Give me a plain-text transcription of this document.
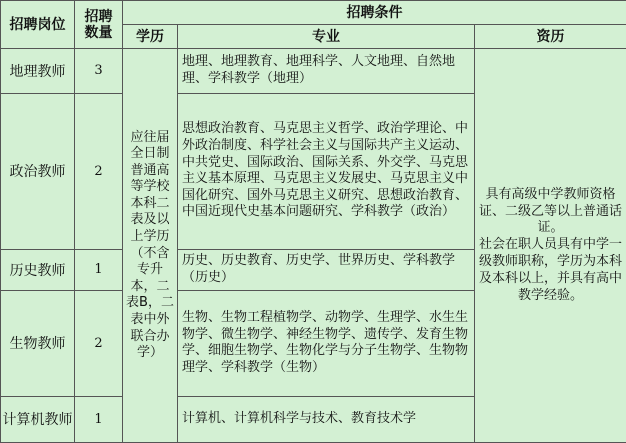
招聘岗位	招聘数量	招聘条件		
		学历	专业	资历
地理教师	3	应往届全日制普通高等学校本科二表及以上学历（不含专升本，二表B，二表中外联合办学）	地理、地理教育、地理科学、人文地理、自然地理、学科教学（地理）	具有高级中学教师资格证、二级乙等以上普通话证。
社会在职人员具有中学一级教师职称，学历为本科及本科以上，并具有高中教学经验。

政治教师	2		思想政治教育、马克思主义哲学、政治学理论、中外政治制度、科学社会主义与国际共产主义运动、中共党史、国际政治、国际关系、外交学、马克思主义基本原理、马克思主义发展史、马克思主义中国化研究、国外马克思主义研究、思想政治教育、中国近现代史基本问题研究、学科教学（政治）	
历史教师	1		历史、历史教育、历史学、世界历史、学科教学（历史）	
生物教师	2		生物、生物工程植物学、动物学、生理学、水生生物学、微生物学、神经生物学、遗传学、发育生物学、细胞生物学、生物化学与分子生物学、生物物理学、学科教学（生物）	
计算机教师	1		计算机、计算机科学与技术、教育技术学	
